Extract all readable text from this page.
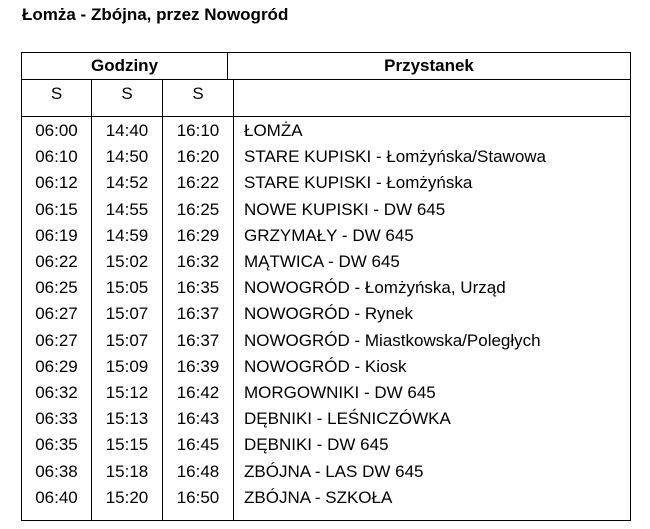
Łomża - Zbójna, przez Nowogród
Godziny	Przystanek
S	S	S
06:00	14:40	16:10	ŁOMŻA
06:10	14:50	16:20	STARE KUPISKI - Łomżyńska/Stawowa
06:12	14:52	16:22	STARE KUPISKI - Łomżyńska
06:15	14:55	16:25	NOWE KUPISKI - DW 645
06:19	14:59	16:29	GRZYMAŁY - DW 645
06:22	15:02	16:32	MĄTWICA - DW 645
06:25	15:05	16:35	NOWOGRÓD - Łomżyńska, Urząd
06:27	15:07	16:37	NOWOGRÓD - Rynek
06:27	15:07	16:37	NOWOGRÓD - Miastkowska/Poległych
06:29	15:09	16:39	NOWOGRÓD - Kiosk
06:32	15:12	16:42	MORGOWNIKI - DW 645
06:33	15:13	16:43	DĘBNIKI - LEŚNICZÓWKA
06:35	15:15	16:45	DĘBNIKI - DW 645
06:38	15:18	16:48	ZBÓJNA - LAS DW 645
06:40	15:20	16:50	ZBÓJNA - SZKOŁA
